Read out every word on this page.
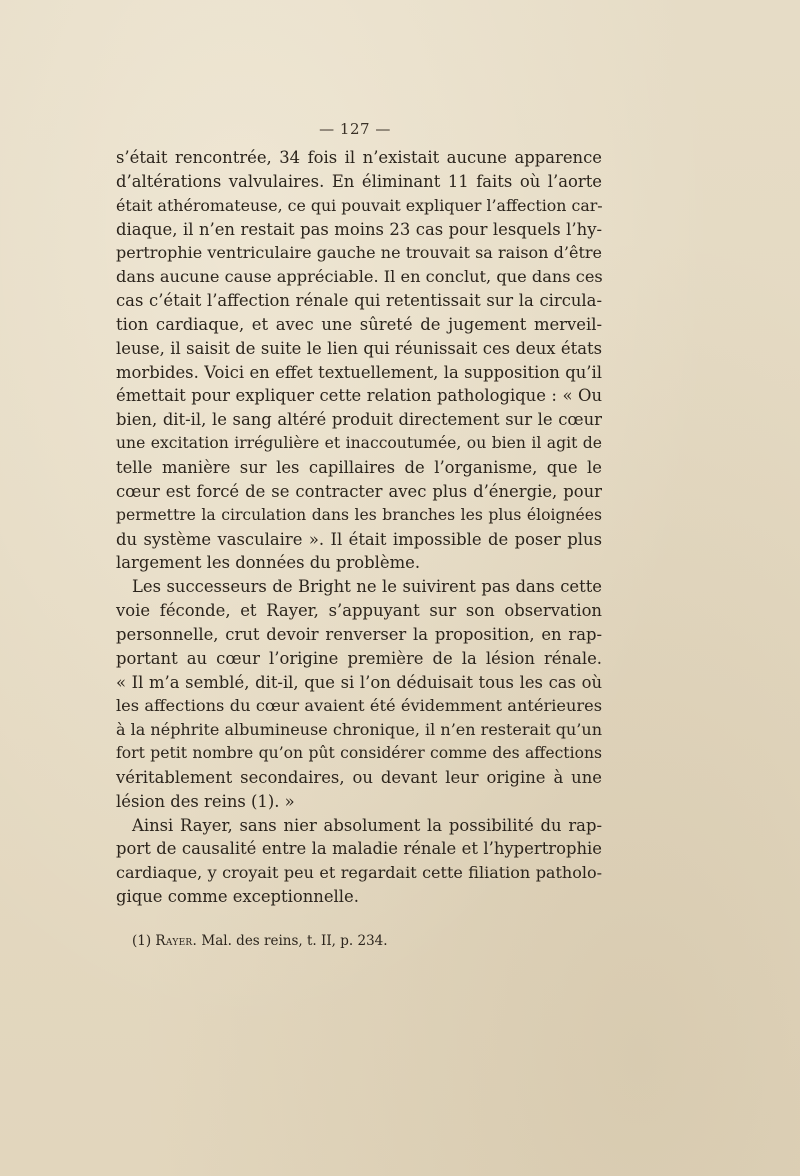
— 127 —
s’était rencontrée, 34 fois il n’existait aucune apparence
d’altérations valvulaires. En éliminant 11 faits où l’aorte
était athéromateuse, ce qui pouvait expliquer l’affection car-
diaque, il n’en restait pas moins 23 cas pour lesquels l’hy-
pertrophie ventriculaire gauche ne trouvait sa raison d’être
dans aucune cause appréciable. Il en conclut, que dans ces
cas c’était l’affection rénale qui retentissait sur la circula-
tion cardiaque, et avec une sûreté de jugement merveil-
leuse, il saisit de suite le lien qui réunissait ces deux états
morbides. Voici en effet textuellement, la supposition qu’il
émettait pour expliquer cette relation pathologique : « Ou
bien, dit-il, le sang altéré produit directement sur le cœur
une excitation irrégulière et inaccoutumée, ou bien il agit de
telle manière sur les capillaires de l’organisme, que le
cœur est forcé de se contracter avec plus d’énergie, pour
permettre la circulation dans les branches les plus éloignées
du système vasculaire ». Il était impossible de poser plus
largement les données du problème.
Les successeurs de Bright ne le suivirent pas dans cette
voie féconde, et Rayer, s’appuyant sur son observation
personnelle, crut devoir renverser la proposition, en rap-
portant au cœur l’origine première de la lésion rénale.
« Il m’a semblé, dit-il, que si l’on déduisait tous les cas où
les affections du cœur avaient été évidemment antérieures
à la néphrite albumineuse chronique, il n’en resterait qu’un
fort petit nombre qu’on pût considérer comme des affections
véritablement secondaires, ou devant leur origine à une
lésion des reins (1). »
Ainsi Rayer, sans nier absolument la possibilité du rap-
port de causalité entre la maladie rénale et l’hypertrophie
cardiaque, y croyait peu et regardait cette filiation patholo-
gique comme exceptionnelle.
(1) Rayer. Mal. des reins, t. II, p. 234.
